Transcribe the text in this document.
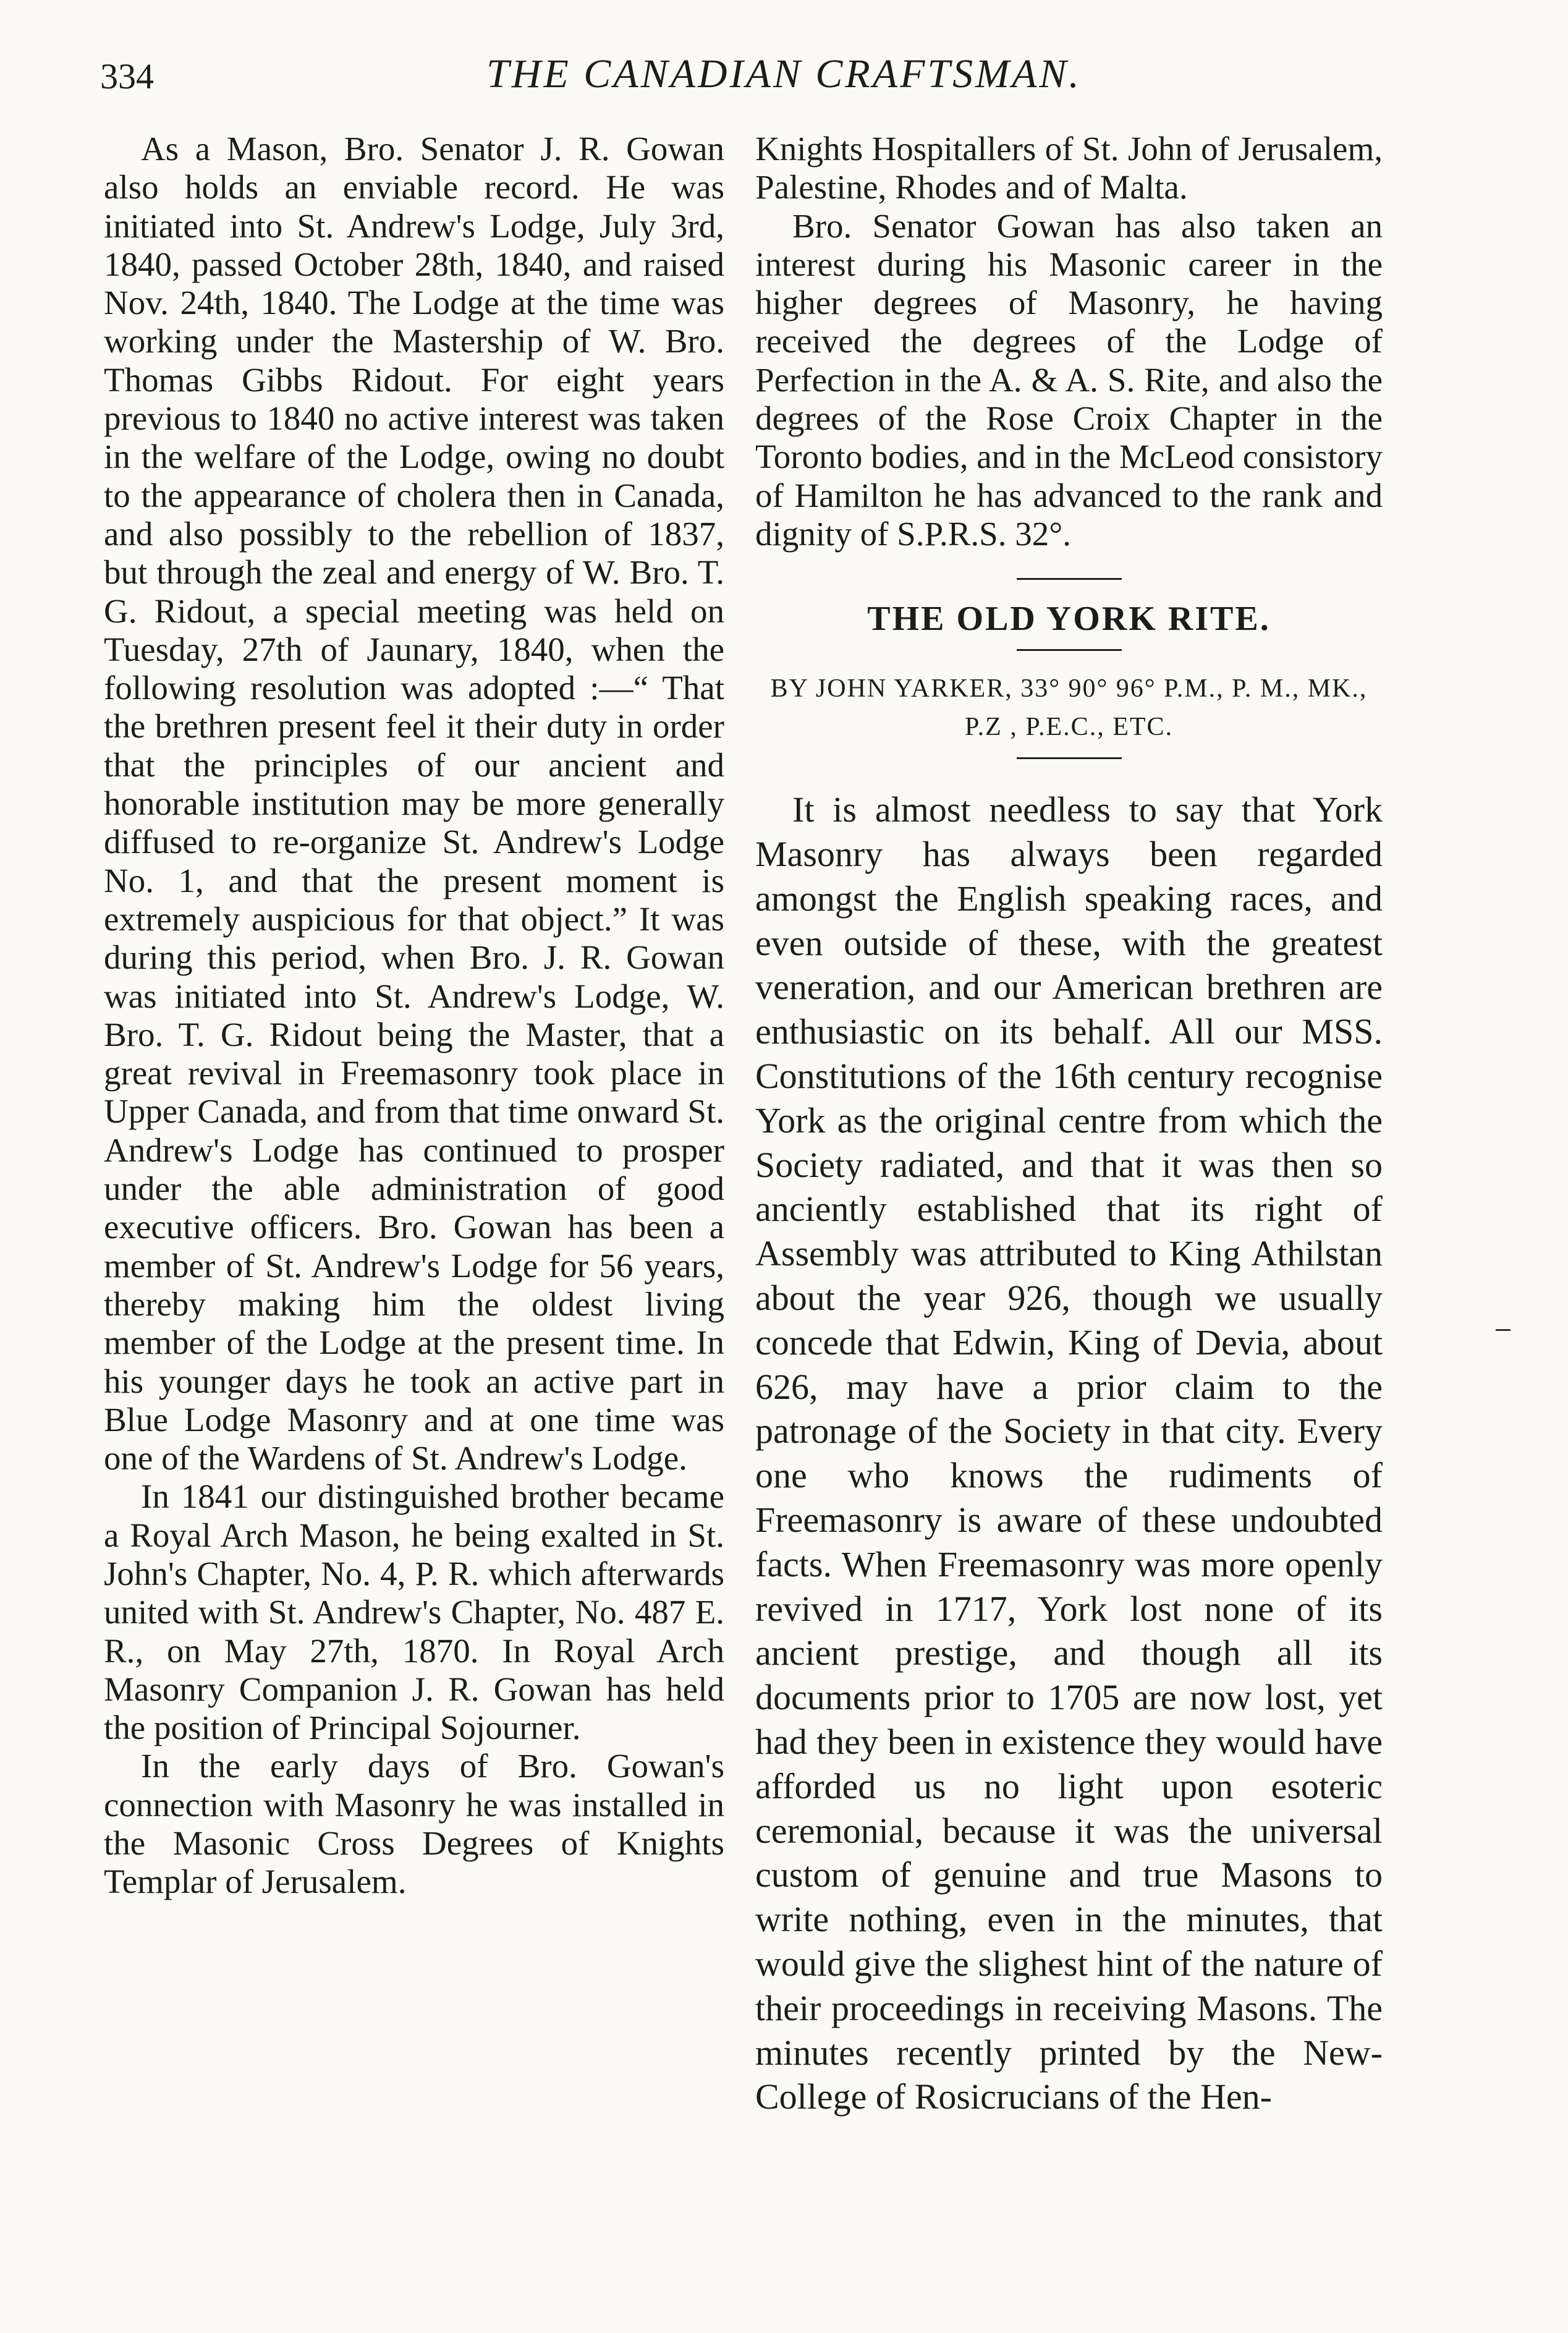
334	THE CANADIAN CRAFTSMAN.

As a Mason, Bro. Senator J. R. Gowan also holds an enviable record. He was initiated into St. Andrew's Lodge, July 3rd, 1840, passed October 28th, 1840, and raised Nov. 24th, 1840. The Lodge at the time was working under the Mastership of W. Bro. Thomas Gibbs Ridout. For eight years previous to 1840 no active interest was taken in the welfare of the Lodge, owing no doubt to the appearance of cholera then in Canada, and also possibly to the rebellion of 1837, but through the zeal and energy of W. Bro. T. G. Ridout, a special meeting was held on Tuesday, 27th of Jaunary, 1840, when the following resolution was adopted :—“ That the brethren present feel it their duty in order that the principles of our ancient and honorable institution may be more generally diffused to re-organize St. Andrew's Lodge No. 1, and that the present moment is extremely auspicious for that object.” It was during this period, when Bro. J. R. Gowan was initiated into St. Andrew's Lodge, W. Bro. T. G. Ridout being the Master, that a great revival in Freemasonry took place in Upper Canada, and from that time onward St. Andrew's Lodge has continued to prosper under the able administration of good executive officers. Bro. Gowan has been a member of St. Andrew's Lodge for 56 years, thereby making him the oldest living member of the Lodge at the present time. In his younger days he took an active part in Blue Lodge Masonry and at one time was one of the Wardens of St. Andrew's Lodge.

In 1841 our distinguished brother became a Royal Arch Mason, he being exalted in St. John's Chapter, No. 4, P. R. which afterwards united with St. Andrew's Chapter, No. 487 E. R., on May 27th, 1870. In Royal Arch Masonry Companion J. R. Gowan has held the position of Principal Sojourner.

In the early days of Bro. Gowan's connection with Masonry he was installed in the Masonic Cross Degrees of Knights Templar of Jerusalem.

Knights Hospitallers of St. John of Jerusalem, Palestine, Rhodes and of Malta.

Bro. Senator Gowan has also taken an interest during his Masonic career in the higher degrees of Masonry, he having received the degrees of the Lodge of Perfection in the A. & A. S. Rite, and also the degrees of the Rose Croix Chapter in the Toronto bodies, and in the McLeod consistory of Hamilton he has advanced to the rank and dignity of S.P.R.S. 32°.

THE OLD YORK RITE.
BY JOHN YARKER, 33° 90° 96° P.M., P. M., MK., P.Z , P.E.C., ETC.

It is almost needless to say that York Masonry has always been regarded amongst the English speaking races, and even outside of these, with the greatest veneration, and our American brethren are enthusiastic on its behalf. All our MSS. Constitutions of the 16th century recognise York as the original centre from which the Society radiated, and that it was then so anciently established that its right of Assembly was attributed to King Athilstan about the year 926, though we usually concede that Edwin, King of Devia, about 626, may have a prior claim to the patronage of the Society in that city. Every one who knows the rudiments of Freemasonry is aware of these undoubted facts. When Freemasonry was more openly revived in 1717, York lost none of its ancient prestige, and though all its documents prior to 1705 are now lost, yet had they been in existence they would have afforded us no light upon esoteric ceremonial, because it was the universal custom of genuine and true Masons to write nothing, even in the minutes, that would give the slighest hint of the nature of their proceedings in receiving Masons. The minutes recently printed by the New-College of Rosicrucians of the Hen-
